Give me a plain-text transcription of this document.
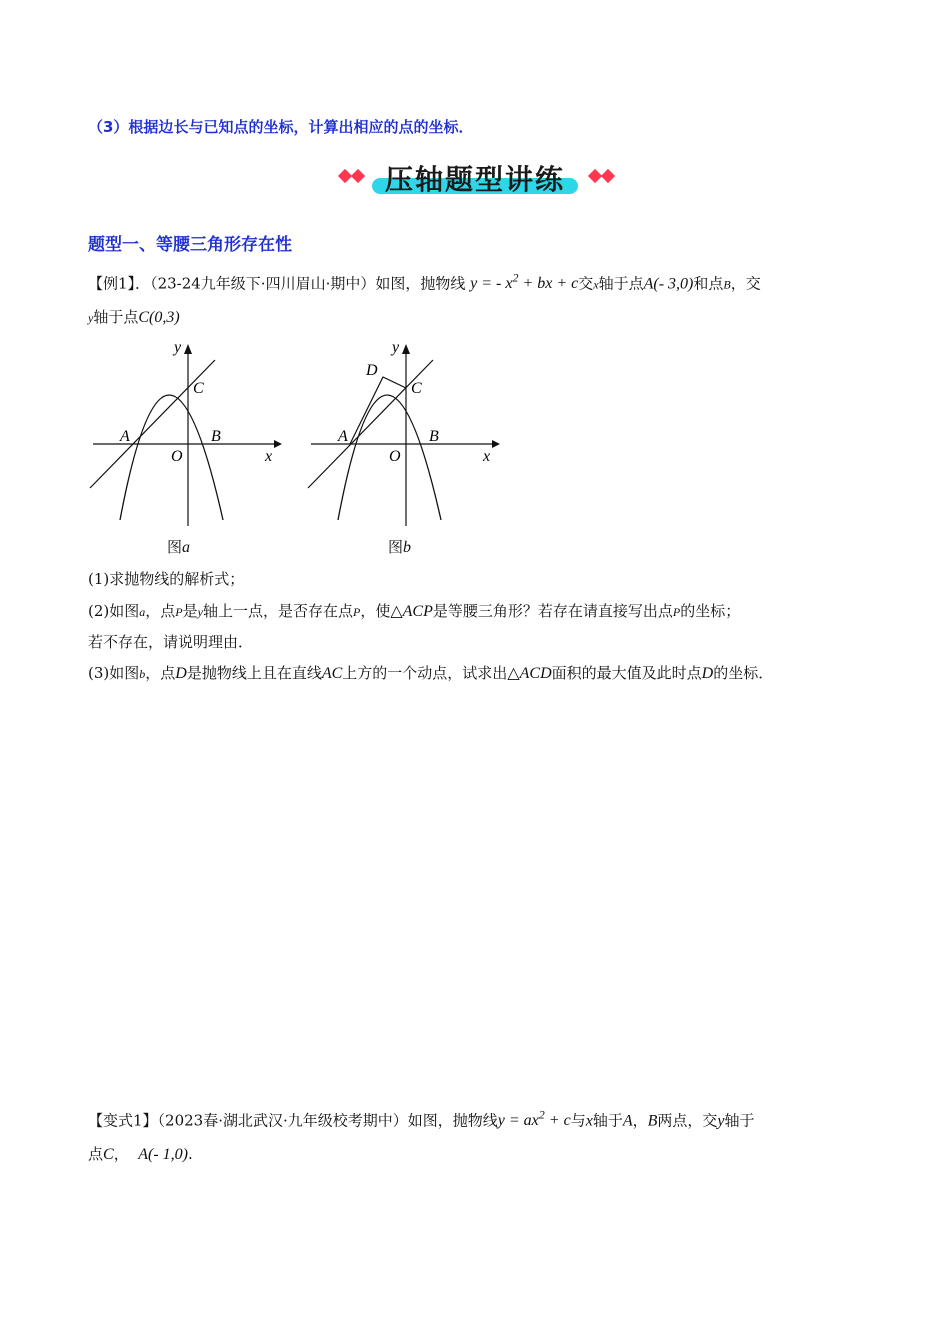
（3）根据边长与已知点的坐标，计算出相应的点的坐标．
压轴题型讲练
题型一、等腰三角形存在性
【例1】．（23-24九年级下·四川眉山·期中）如图，抛物线 y = - $x^2$ + bx + c交x轴于点A(- 3,0)和点B，交
y轴于点C(0,3)
y
x
A	B
C
O
图a
y
x
A	B
C
D
O
图b
(1)求抛物线的解析式；
(2)如图a，点P是y轴上一点，是否存在点P，使△ACP是等腰三角形？若存在请直接写出点P的坐标；
若不存在，请说明理由．
(3)如图b，点D是抛物线上且在直线AC上方的一个动点，试求出△ACD面积的最大值及此时点D的坐标．
【变式1】（2023春·湖北武汉·九年级校考期中）如图，抛物线$y = ax^2 + c$与x轴于A，B两点，交y轴于
点C， A(- 1,0).
